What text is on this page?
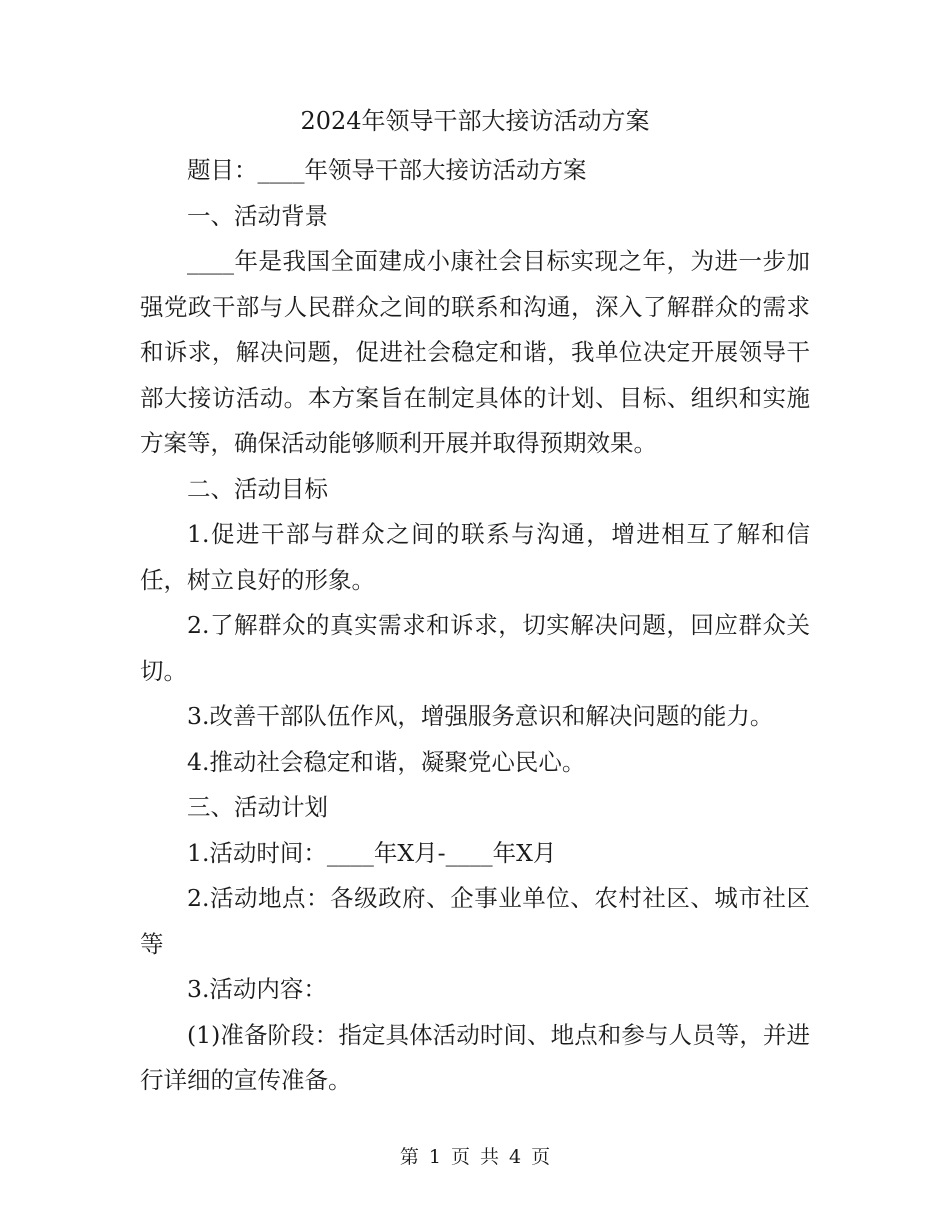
2024年领导干部大接访活动方案

题目：____年领导干部大接访活动方案

一、活动背景

____年是我国全面建成小康社会目标实现之年，为进一步加强党政干部与人民群众之间的联系和沟通，深入了解群众的需求和诉求，解决问题，促进社会稳定和谐，我单位决定开展领导干部大接访活动。本方案旨在制定具体的计划、目标、组织和实施方案等，确保活动能够顺利开展并取得预期效果。

二、活动目标

1.促进干部与群众之间的联系与沟通，增进相互了解和信任，树立良好的形象。

2.了解群众的真实需求和诉求，切实解决问题，回应群众关切。

3.改善干部队伍作风，增强服务意识和解决问题的能力。

4.推动社会稳定和谐，凝聚党心民心。

三、活动计划

1.活动时间：____年X月-____年X月

2.活动地点：各级政府、企事业单位、农村社区、城市社区等

3.活动内容：

(1)准备阶段：指定具体活动时间、地点和参与人员等，并进行详细的宣传准备。

第 1 页 共 4 页
